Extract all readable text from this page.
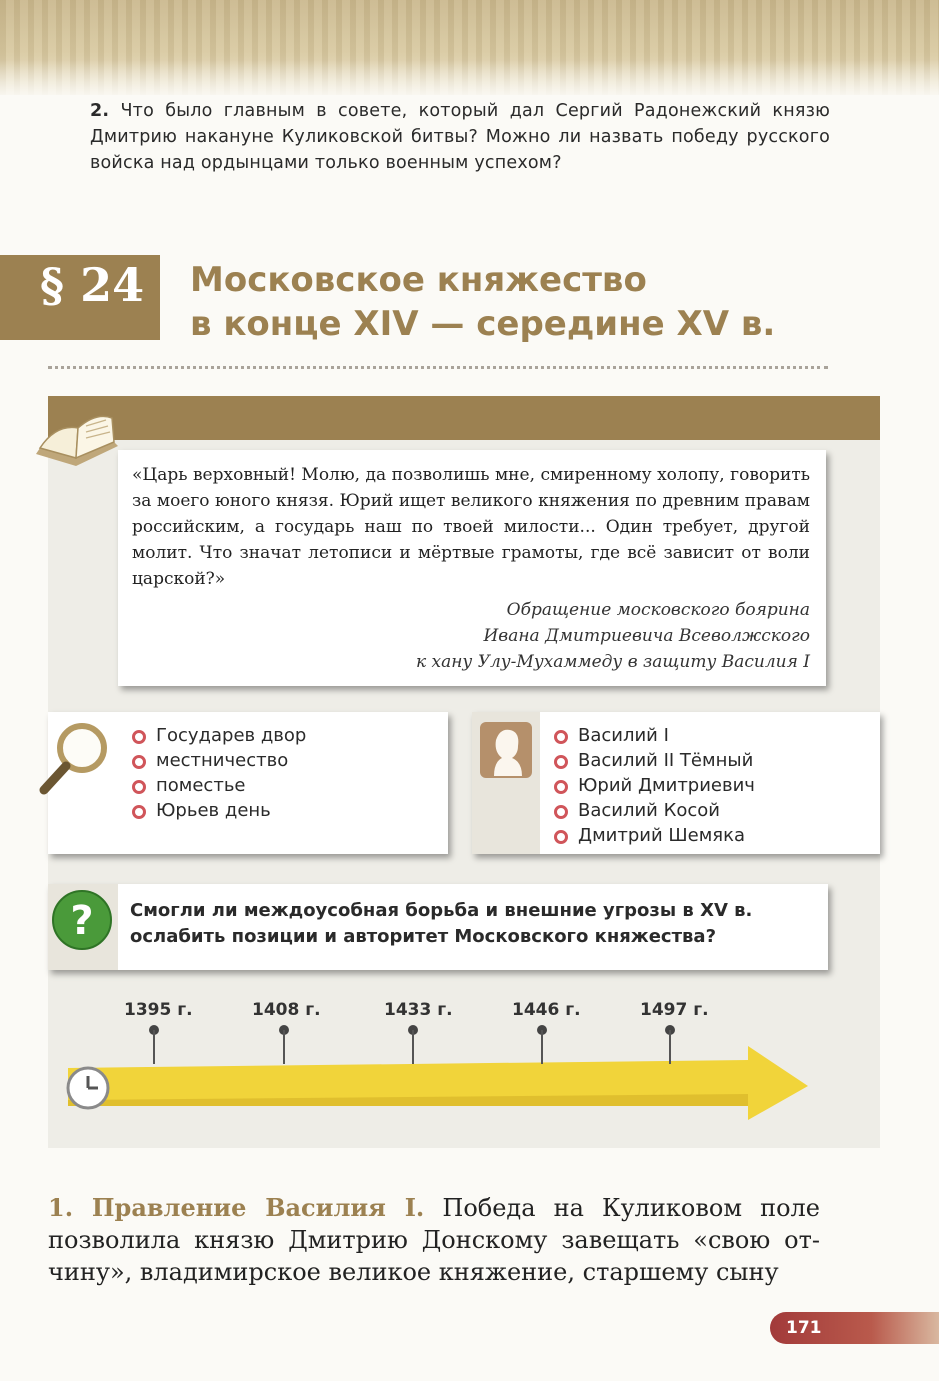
2. Что было главным в совете, который дал Сергий Радонежский князю Дмитрию накануне Куликовской битвы? Можно ли назвать победу русского войска над ордынцами только военным успехом?
§ 24 Московское княжество
в конце XIV — середине XV в.
«Царь верховный! Молю, да позволишь мне, смиренному холопу, говорить за моего юного князя. Юрий ищет великого княжения по древним правам российским, а государь наш по твоей милости... Один требует, другой молит. Что значат летописи и мёртвые грамоты, где всё зависит от воли царской?»
Обращение московского боярина
Ивана Дмитриевича Всеволжского
к хану Улу-Мухаммеду в защиту Василия I
Государев двор
местничество
поместье
Юрьев день
Василий I
Василий II Тёмный
Юрий Дмитриевич
Василий Косой
Дмитрий Шемяка
? Смогли ли междоусобная борьба и внешние угрозы в XV в. ослабить позиции и авторитет Московского княжества?
1395 г.	1408 г.	1433 г.	1446 г.	1497 г.
1. Правление Василия I. Победа на Куликовом поле позволила князю Дмитрию Донскому завещать «свою отчину», владимирское великое княжение, старшему сыну
171
